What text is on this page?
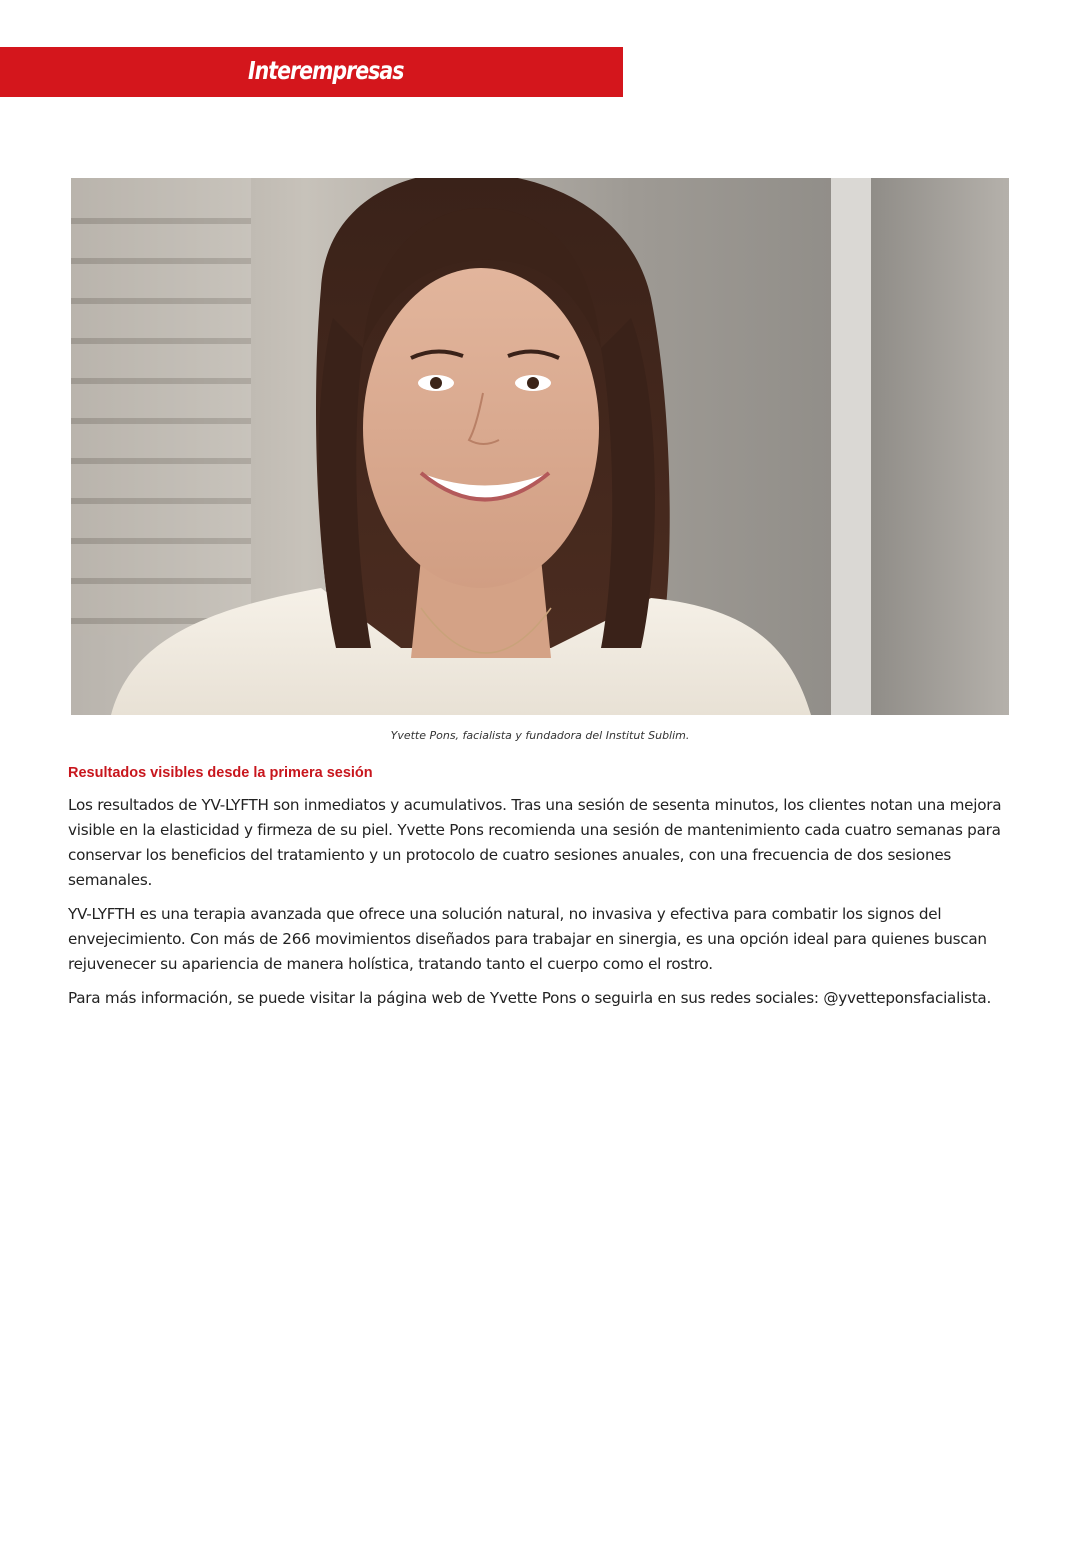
Interempresas
Yvette Pons, facialista y fundadora del Institut Sublim.
Resultados visibles desde la primera sesión

Los resultados de YV-LYFTH son inmediatos y acumulativos. Tras una sesión de sesenta minutos, los clientes notan una mejora visible en la elasticidad y firmeza de su piel. Yvette Pons recomienda una sesión de mantenimiento cada cuatro semanas para conservar los beneficios del tratamiento y un protocolo de cuatro sesiones anuales, con una frecuencia de dos sesiones semanales.

YV-LYFTH es una terapia avanzada que ofrece una solución natural, no invasiva y efectiva para combatir los signos del envejecimiento. Con más de 266 movimientos diseñados para trabajar en sinergia, es una opción ideal para quienes buscan rejuvenecer su apariencia de manera holística, tratando tanto el cuerpo como el rostro.

Para más información, se puede visitar la página web de Yvette Pons o seguirla en sus redes sociales: @yvetteponsfacialista.
